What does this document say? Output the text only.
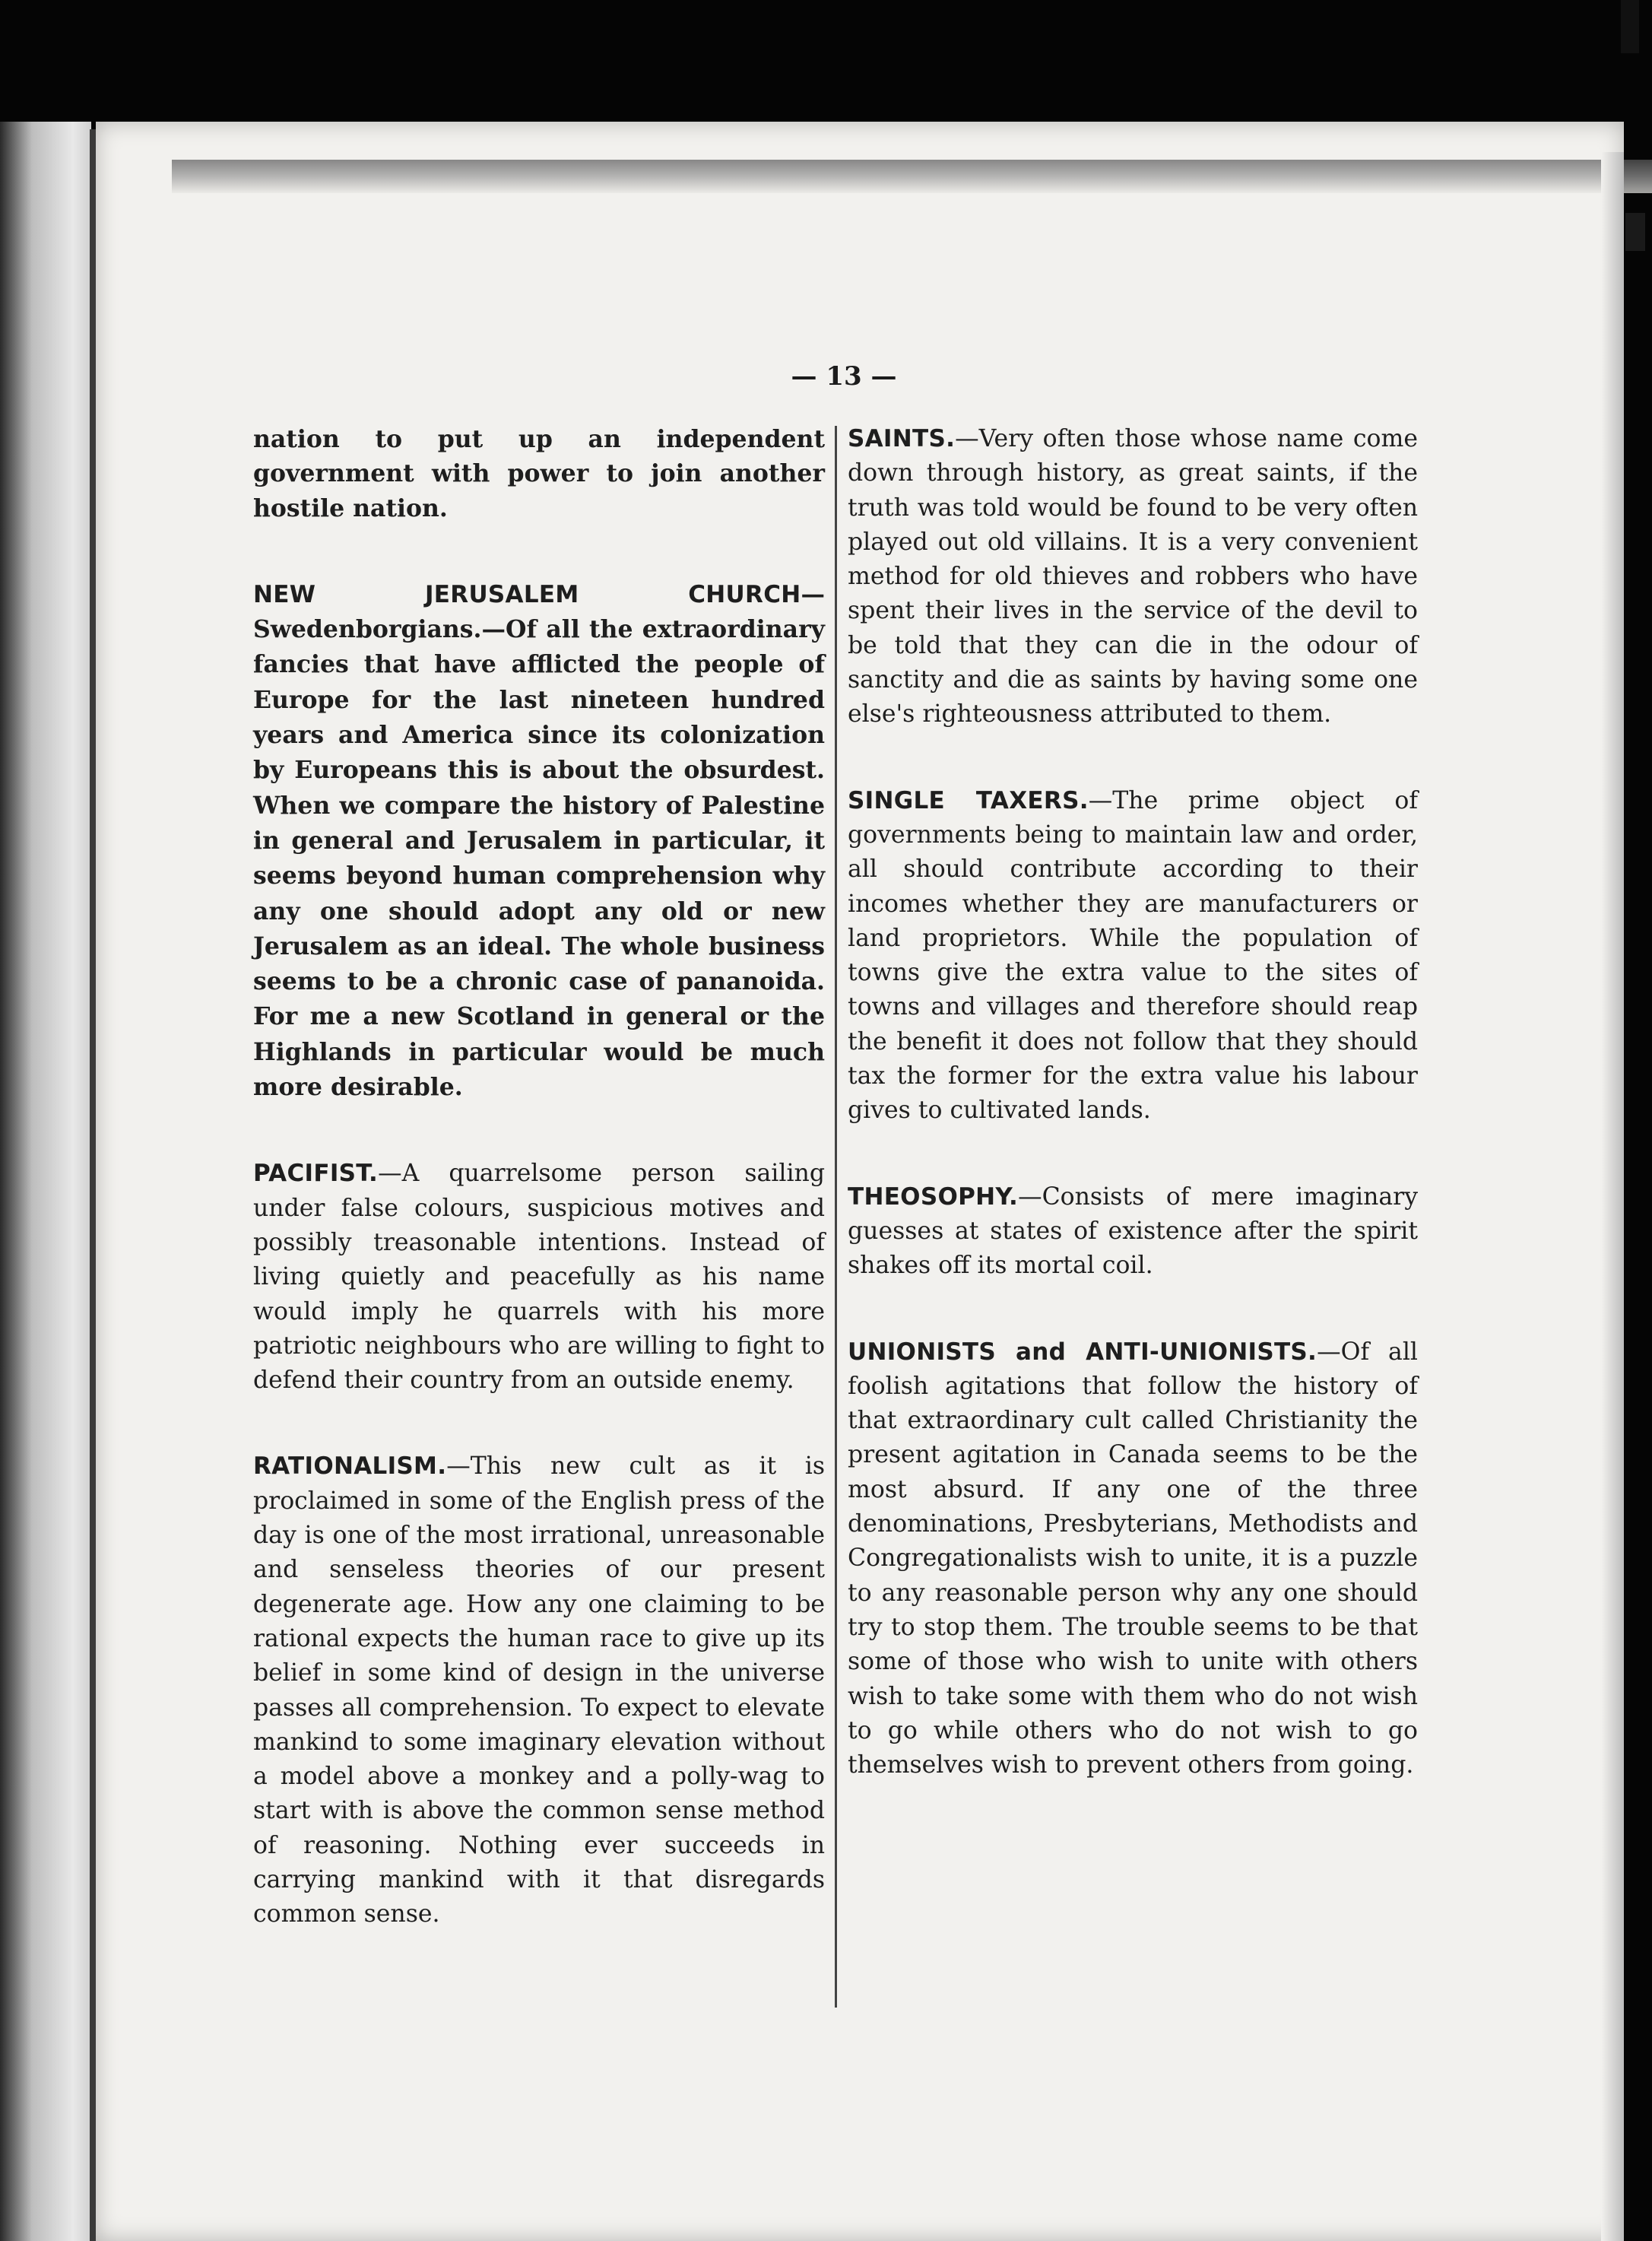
— 13 —

nation to put up an independent government with power to join another hostile nation.

NEW JERUSALEM CHURCH—Swedenborgians.—Of all the extraordinary fancies that have afflicted the people of Europe for the last nineteen hundred years and America since its colonization by Europeans this is about the obsurdest. When we compare the history of Palestine in general and Jerusalem in particular, it seems beyond human comprehension why any one should adopt any old or new Jerusalem as an ideal. The whole business seems to be a chronic case of pananoida. For me a new Scotland in general or the Highlands in particular would be much more desirable.

PACIFIST.—A quarrelsome person sailing under false colours, suspicious motives and possibly treasonable intentions. Instead of living quietly and peacefully as his name would imply he quarrels with his more patriotic neighbours who are willing to fight to defend their country from an outside enemy.

RATIONALISM.—This new cult as it is proclaimed in some of the English press of the day is one of the most irrational, unreasonable and senseless theories of our present degenerate age. How any one claiming to be rational expects the human race to give up its belief in some kind of design in the universe passes all comprehension. To expect to elevate mankind to some imaginary elevation without a model above a monkey and a polly-wag to start with is above the common sense method of reasoning. Nothing ever succeeds in carrying mankind with it that disregards common sense.

SAINTS.—Very often those whose name come down through history, as great saints, if the truth was told would be found to be very often played out old villains. It is a very convenient method for old thieves and robbers who have spent their lives in the service of the devil to be told that they can die in the odour of sanctity and die as saints by having some one else's righteousness attributed to them.

SINGLE TAXERS.—The prime object of governments being to maintain law and order, all should contribute according to their incomes whether they are manufacturers or land proprietors. While the population of towns give the extra value to the sites of towns and villages and therefore should reap the benefit it does not follow that they should tax the former for the extra value his labour gives to cultivated lands.

THEOSOPHY.—Consists of mere imaginary guesses at states of existence after the spirit shakes off its mortal coil.

UNIONISTS and ANTI-UNIONISTS.—Of all foolish agitations that follow the history of that extraordinary cult called Christianity the present agitation in Canada seems to be the most absurd. If any one of the three denominations, Presbyterians, Methodists and Congregationalists wish to unite, it is a puzzle to any reasonable person why any one should try to stop them. The trouble seems to be that some of those who wish to unite with others wish to take some with them who do not wish to go while others who do not wish to go themselves wish to prevent others from going.
